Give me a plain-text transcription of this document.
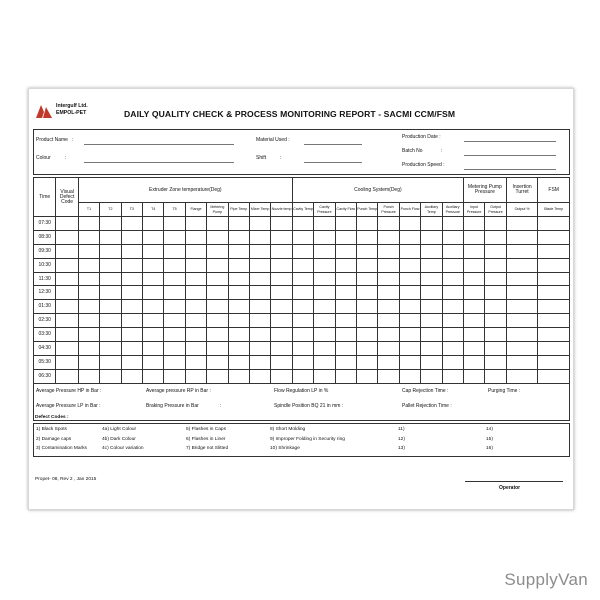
Intergulf Ltd.
EMPOL-PET	DAILY QUALITY CHECK & PROCESS MONITORING REPORT - SACMI CCM/FSM
Product Name   :
Colour          :
Material Used :
Shift          :
Production Date :
Batch No             :
Production Speed :
Time	Visual Defect Code	Extruder Zone temperature(Deg)										Cooling System(Deg)								Metering Pump Pressure		Insertion Turret	FSM
		T1	T2	T3	T4	T5	Flange	Metering Pump	Pipe Temp	Mixer Temp	Nozzle temp	Cavity Temp	Cavity Pressure	Cavity Flow	Punch Temp	Punch Pressure	Punch Flow	Auxiliary Temp	Auxiliary Pressure	Input Pressure	Output Pressure	Output %	Blade Temp
07:30																							
08:30																							
09:30																							
10:30																							
11:30																							
12:30																							
01:30																							
02:30																							
03:30																							
04:30																							
05:30																							
06:30																							
Average Pressure HP in Bar :	Average pressure RP in Bar :	Flow Regulation LP in %	Cap Rejection Time :	Purging Time :
Average Pressure LP in Bar :	Braking Pressure in Bar	:	Spindle Position BQ 21 in mm :	Pallet Rejection Time :
Defect Codes :
1) Black Spots
2) Damage caps
3) Contamination Marks
4a) Light Colour
4b) Dark Colour
4c) Colour variation
5) Flashes in Caps
6) Flashes in Liner
7) Bridge not Slitted
8) Short Molding
9) Improper Folding in Security ring
10) Shrinkage
11)
12)
13)
14)
15)
16)
Propet- 08, Rev 2 , Jan 2015
Operator
SupplyVan
